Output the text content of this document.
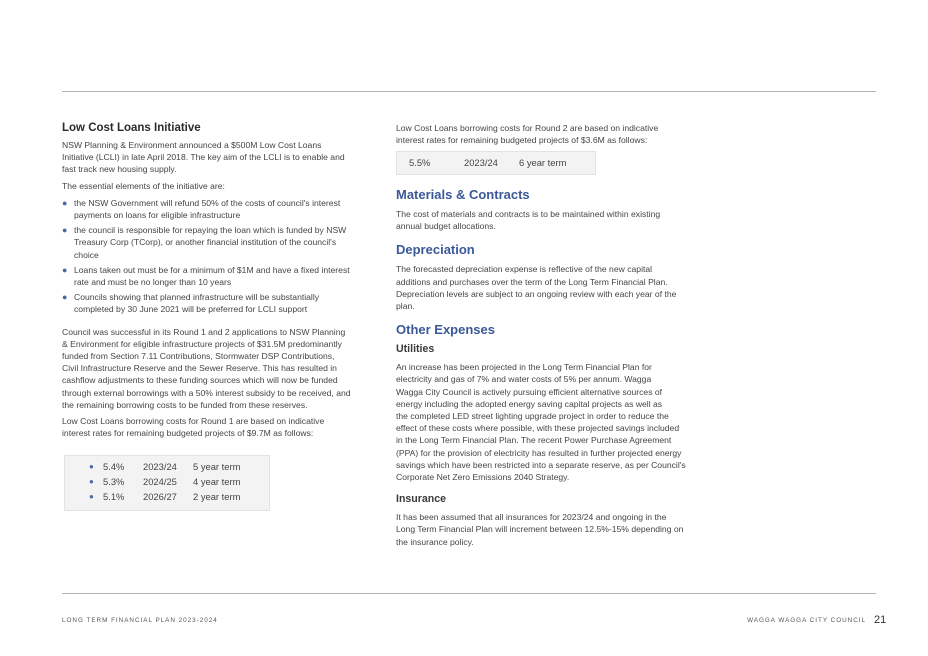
Low Cost Loans Initiative

NSW Planning & Environment announced a $500M Low Cost Loans
Initiative (LCLI) in late April 2018. The key aim of the LCLI is to enable and
fast track new housing supply.

The essential elements of the initiative are:

● the NSW Government will refund 50% of the costs of council's interest
payments on loans for eligible infrastructure
● the council is responsible for repaying the loan which is funded by NSW
Treasury Corp (TCorp), or another financial institution of the council's
choice
● Loans taken out must be for a minimum of $1M and have a fixed interest
rate and must be no longer than 10 years
● Councils showing that planned infrastructure will be substantially
completed by 30 June 2021 will be preferred for LCLI support

Council was successful in its Round 1 and 2 applications to NSW Planning
& Environment for eligible infrastructure projects of $31.5M predominantly
funded from Section 7.11 Contributions, Stormwater DSP Contributions,
Civil Infrastructure Reserve and the Sewer Reserve. This has resulted in
cashflow adjustments to these funding sources which will now be funded
through external borrowings with a 50% interest subsidy to be received, and
the remaining borrowing costs to be funded from these reserves.

Low Cost Loans borrowing costs for Round 1 are based on indicative
interest rates for remaining budgeted projects of $9.7M as follows:

● 5.4% 2023/24 5 year term
● 5.3% 2024/25 4 year term
● 5.1% 2026/27 2 year term

Low Cost Loans borrowing costs for Round 2 are based on indicative
interest rates for remaining budgeted projects of $3.6M as follows:

5.5%	2023/24 6 year term
Materials & Contracts

The cost of materials and contracts is to be maintained within existing
annual budget allocations.

Depreciation

The forecasted depreciation expense is reflective of the new capital
additions and purchases over the term of the Long Term Financial Plan.
Depreciation levels are subject to an ongoing review with each year of the
plan.

Other Expenses
Utilities

An increase has been projected in the Long Term Financial Plan for
electricity and gas of 7% and water costs of 5% per annum. Wagga
Wagga City Council is actively pursuing efficient alternative sources of
energy including the adopted energy saving capital projects as well as
the completed LED street lighting upgrade project in order to reduce the
effect of these costs where possible, with these projected savings included
in the Long Term Financial Plan. The recent Power Purchase Agreement
(PPA) for the provision of electricity has resulted in further projected energy
savings which have been restricted into a separate reserve, as per Council's
Corporate Net Zero Emissions 2040 Strategy.

Insurance

It has been assumed that all insurances for 2023/24 and ongoing in the
Long Term Financial Plan will increment between 12.5%-15% depending on
the insurance policy.

LONG TERM FINANCIAL PLAN 2023-2024	WAGGA WAGGA CITY COUNCIL 21
